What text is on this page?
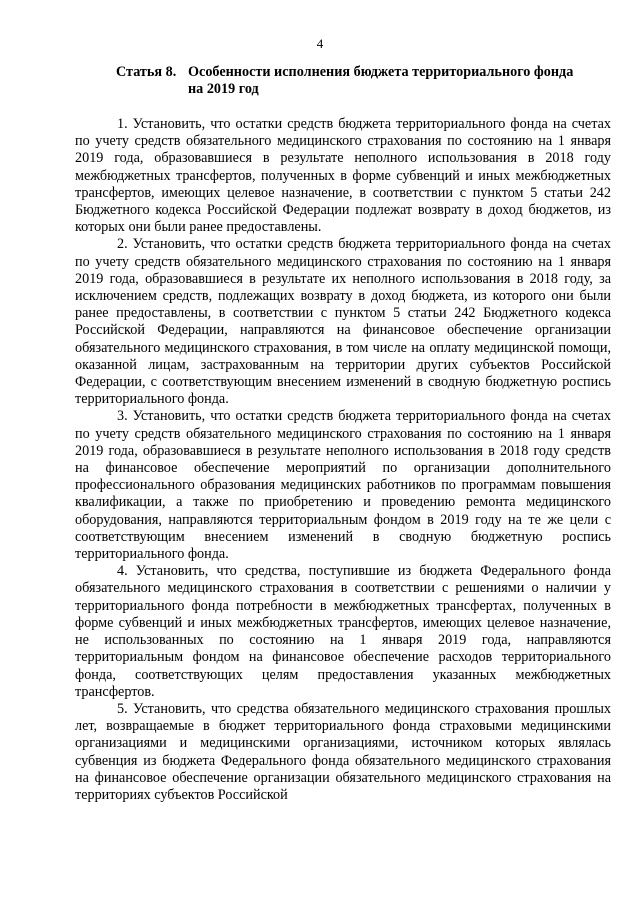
4
Статья 8. Особенности исполнения бюджета территориального фонда на 2019 год

1. Установить, что остатки средств бюджета территориального фонда на счетах по учету средств обязательного медицинского страхования по состоянию на 1 января 2019 года, образовавшиеся в результате неполного использования в 2018 году межбюджетных трансфертов, полученных в форме субвенций и иных межбюджетных трансфертов, имеющих целевое назначение, в соответствии с пунктом 5 статьи 242 Бюджетного кодекса Российской Федерации подлежат возврату в доход бюджетов, из которых они были ранее предоставлены.

2. Установить, что остатки средств бюджета территориального фонда на счетах по учету средств обязательного медицинского страхования по состоянию на 1 января 2019 года, образовавшиеся в результате их неполного использования в 2018 году, за исключением средств, подлежащих возврату в доход бюджета, из которого они были ранее предоставлены, в соответствии с пунктом 5 статьи 242 Бюджетного кодекса Российской Федерации, направляются на финансовое обеспечение организации обязательного медицинского страхования, в том числе на оплату медицинской помощи, оказанной лицам, застрахованным на территории других субъектов Российской Федерации, с соответствующим внесением изменений в сводную бюджетную роспись территориального фонда.

3. Установить, что остатки средств бюджета территориального фонда на счетах по учету средств обязательного медицинского страхования по состоянию на 1 января 2019 года, образовавшиеся в результате неполного использования в 2018 году средств на финансовое обеспечение мероприятий по организации дополнительного профессионального образования медицинских работников по программам повышения квалификации, а также по приобретению и проведению ремонта медицинского оборудования, направляются территориальным фондом в 2019 году на те же цели с соответствующим внесением изменений в сводную бюджетную роспись территориального фонда.

4. Установить, что средства, поступившие из бюджета Федерального фонда обязательного медицинского страхования в соответствии с решениями о наличии у территориального фонда потребности в межбюджетных трансфертах, полученных в форме субвенций и иных межбюджетных трансфертов, имеющих целевое назначение, не использованных по состоянию на 1 января 2019 года, направляются территориальным фондом на финансовое обеспечение расходов территориального фонда, соответствующих целям предоставления указанных межбюджетных трансфертов.

5. Установить, что средства обязательного медицинского страхования прошлых лет, возвращаемые в бюджет территориального фонда страховыми медицинскими организациями и медицинскими организациями, источником которых являлась субвенция из бюджета Федерального фонда обязательного медицинского страхования на финансовое обеспечение организации обязательного медицинского страхования на территориях субъектов Российской
